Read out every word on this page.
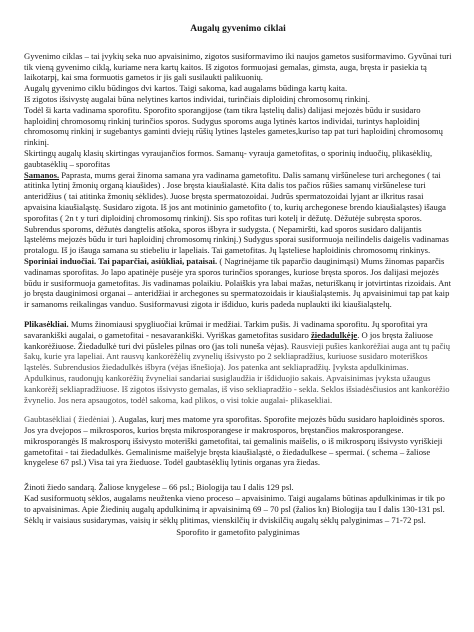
Augalų gyvenimo ciklai

Gyvenimo ciklas – tai įvykių seka nuo apvaisinimo, zigotos susiformavimo iki naujos gametos susiformavimo. Gyvūnai turi tik vieną gyvenimo ciklą, kuriame nera kartų kaitos. Iš zigotos formuojasi gemalas, gimsta, auga, bręsta ir pasiekia tą laikotarpį, kai sma formuotis gametos ir jis gali susilaukti palikuonių.

Augalų gyvenimo ciklu būdingos dvi kartos. Taigi sakoma, kad augalams būdinga kartų kaita.

Iš zigotos išsivystę augalai būna nelytines kartos individai, turinčiais diploidinį chromosomų rinkinį.

Todėl ši karta vadinama sporofitu. Sporofito sporangijose (tam tikra ląstelių dalis) dalijasi mejozės būdu ir susidaro haploidinį chromosomų rinkinį turinčios sporos. Sudygus sporoms auga lytinės kartos individai, turintys haploidinį chromosomų rinkinį ir sugebantys gaminti dviejų rūšių lytines ląsteles gametes,kuriso tap pat turi haploidinį chromosomų rinkinį.

Skirtingų augalų klasių skirtingas vyraujančios formos. Samanų- vyrauja gametofitas, o sporinių induočių, plikasėklių, gaubtasėklių – sporofitas

Samanos. Paprasta, mums gerai žinoma samana yra vadinama gametofitu. Dalis samanų viršūnelese turi archegones ( tai atitinka lytinį žmonių organą kiaušides) . Jose bręsta kiaušialastė. Kita dalis tos pačios rūšies samanų viršūnelese turi anteridžius ( tai atitinka žmonių sėklides). Juose bręsta spermatozoidai. Judrūs spermatozoidai lyjant ar ilkritus rasai apvaisina kiaušialąstę. Susidaro zigota. Iš jos ant motininio gametofito ( to, kurių archegonese brendo kiaušialąstes) išauga sporofitas ( 2n t y turi diploidinį chromosomų rinkinį). Sis spo rofitas turi kotelį ir dėžutę. Dėžutėje subręsta sporos. Subrendus sporoms, dėžutės dangtelis atšoka, sporos išbyra ir sudygsta. ( Nepamiršti, kad sporos susidaro dalijantis ląstelėms mejozės būdu ir turi haploidinį chromosomų rinkinį.) Sudygus sporai susiformuoja neilindelis daigelis vadinamas protalogu. Iš jo išauga samana su stiebeliu ir lapeliais. Tai gametofitas. Jų ląsteliese haploidinis chromosomų rinkinys.

Sporiniai induočiai. Tai paparčiai, asiūkliai, pataisai. ( Nagrinėjame tik paparčio dauginimąsi) Mums žinomas paparčis vadinamas sporofitas. Jo lapo apatinėje pusėje yra sporos turinčios sporanges, kuriose bręsta sporos. Jos dalijasi mejozės būdu ir susiformuoja gametofitas. Jis vadinamas polaikiu. Polaiškis yra labai mažas, neturiškanų ir jotvirtintas rizoidais. Ant jo bręsta dauginimosi organai – anteridžiai ir archegones su spermatozoidais ir kiaušialąstemis. Jų apvaisinimui tap pat kaip ir samanoms reikalingas vanduo. Susiformavusi zigota ir išdiduo, kuris padeda nuplaukti iki kiaušialąstelų.

Plikasėkliai. Mums žinomiausi spygliuočiai krūmai ir medžiai. Tarkim pušis. Ji vadinama sporofitu. Jų sporofitai yra savarankiški augalai, o gametofitai - nesavarankiški. Vyriškas gametofitas susidaro žiedadulkėje. O jos bręsta žaliuose kankorėžiuose. Žiedadulkė turi dvi pūsleles pilnas oro (jas toli nuneša vėjas). Rausvieji pušies kankorėžiai auga ant tų pačių šakų, kurie yra lapeliai. Ant rausvų kankorėžėlių zvynelių išsivysto po 2 sekliapradžius, kuriuose susidaro moteriškos ląstelės. Subrendusios žiedadulkės išbyra (vėjas išnešioja). Jos patenka ant sekliapradžių. Įvyksta apdulkinimas. Apdulkinus, raudonųjų kankorėžių žvyneliai sandariai susiglaudžia ir išdiduojio sakais. Apvaisinimas įvyksta užaugus kankorėžį sekliapradžiuose. Iš zigotos išsivysto gemalas, iš viso sekliapradžio - sekla. Seklos išsiadėsčiusios ant kankorėžio žvynelio. Jos nera apsaugotos, todėl sakoma, kad plikos, o visi tokie augalai- plikasekliai.

Gaubtasėkliai ( žiedėniai ). Augalas, kurį mes matome yra sporofitas. Sporofite mejozės būdu susidaro haploidinės sporos. Jos yra dvejopos – mikrosporos, kurios bręsta mikrosporangese ir makrosporos, bręstančios makrosporangese. mikrosporangės Iš makrosporų išsivysto moteriški gametofitai, tai gemalinis maišelis, o iš mikrosporų išsivysto vyriškieji gametofitai - tai žiedadulkės. Gemalinisme maišelyje bręsta kiaušialąstė, o žiedadulkese – spermai. ( schema – žaliose knygelese 67 psl.) Visa tai yra žieduose. Todėl gaubtasėklių lytinis organas yra žiedas.

Žinoti žiedo sandarą. Žaliose knygelese – 66 psl.; Biologija tau I dalis 129 psl.

Kad susiformuotų sėklos, augalams neužtenka vieno proceso – apvaisinimo. Taigi augalams būtinas apdulkinimas ir tik po to apvaisinimas. Apie Žiedinių augalų apdulkinimą ir apvaisinimą 69 – 70 psl (žalios kn) Biologija tau I dalis 130-131 psl.

Sėklų ir vaisiaus susidarymas, vaisių ir sėklų plitimas, vienskilčių ir dviskilčių augalų sėklų palyginimas – 71-72 psl.

Sporofito ir gametofito palyginimas
